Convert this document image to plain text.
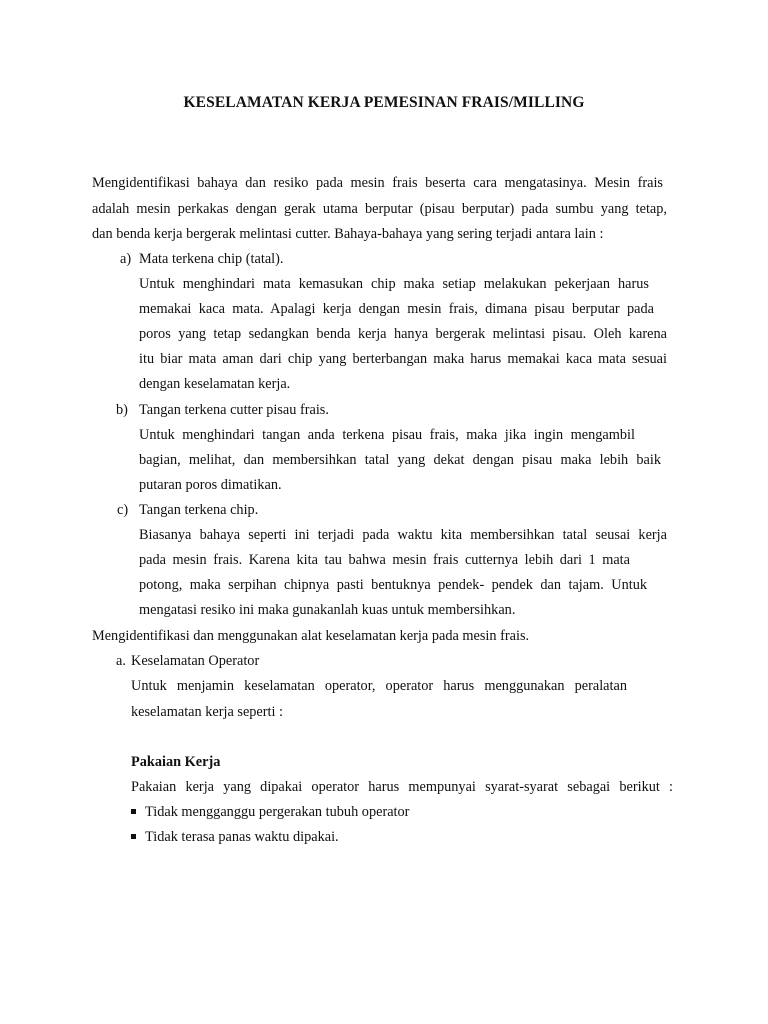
KESELAMATAN KERJA PEMESINAN FRAIS/MILLING
Mengidentifikasi bahaya dan resiko pada mesin frais beserta cara mengatasinya. Mesin frais
adalah mesin perkakas dengan gerak utama berputar (pisau berputar) pada sumbu yang tetap,
dan benda kerja bergerak melintasi cutter. Bahaya-bahaya yang sering terjadi antara lain :
a) Mata terkena chip (tatal).
Untuk menghindari mata kemasukan chip maka setiap melakukan pekerjaan harus
memakai kaca mata. Apalagi kerja dengan mesin frais, dimana pisau berputar pada
poros yang tetap sedangkan benda kerja hanya bergerak melintasi pisau. Oleh karena
itu biar mata aman dari chip yang berterbangan maka harus memakai kaca mata sesuai
dengan keselamatan kerja.
b) Tangan terkena cutter pisau frais.
Untuk menghindari tangan anda terkena pisau frais, maka jika ingin mengambil
bagian, melihat, dan membersihkan tatal yang dekat dengan pisau maka lebih baik
putaran poros dimatikan.
c) Tangan terkena chip.
Biasanya bahaya seperti ini terjadi pada waktu kita membersihkan tatal seusai kerja
pada mesin frais. Karena kita tau bahwa mesin frais cutternya lebih dari 1 mata
potong, maka serpihan chipnya pasti bentuknya pendek- pendek dan tajam. Untuk
mengatasi resiko ini maka gunakanlah kuas untuk membersihkan.
Mengidentifikasi dan menggunakan alat keselamatan kerja pada mesin frais.
a. Keselamatan Operator
Untuk menjamin keselamatan operator, operator harus menggunakan peralatan
keselamatan kerja seperti :
Pakaian Kerja
Pakaian kerja yang dipakai operator harus mempunyai syarat-syarat sebagai berikut :
Tidak mengganggu pergerakan tubuh operator
Tidak terasa panas waktu dipakai.
